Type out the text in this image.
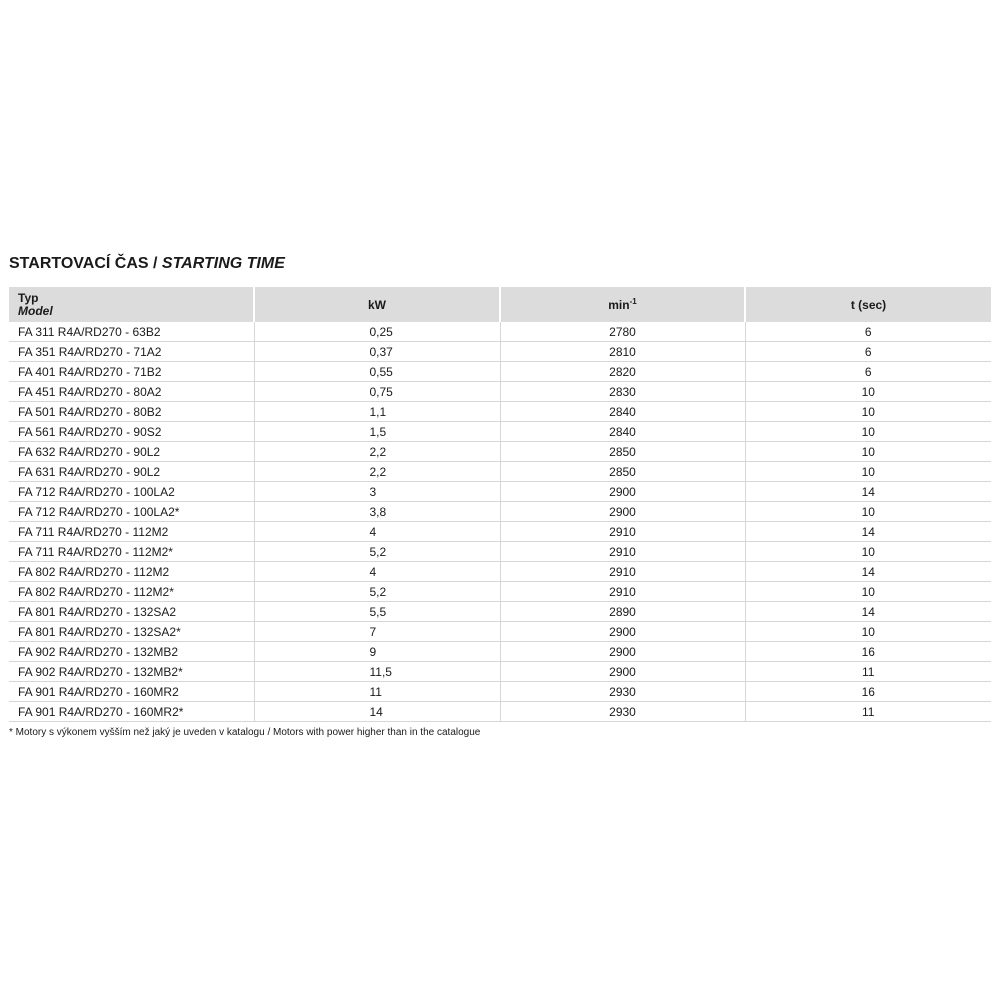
STARTOVACÍ ČAS / STARTING TIME
Typ
Model	kW	$\min^{-1}$	t (sec)
FA 311 R4A/RD270 - 63B2	0,25	2780	6
FA 351 R4A/RD270 - 71A2	0,37	2810	6
FA 401 R4A/RD270 - 71B2	0,55	2820	6
FA 451 R4A/RD270 - 80A2	0,75	2830	10
FA 501 R4A/RD270 - 80B2	1,1	2840	10
FA 561 R4A/RD270 - 90S2	1,5	2840	10
FA 632 R4A/RD270 - 90L2	2,2	2850	10
FA 631 R4A/RD270 - 90L2	2,2	2850	10
FA 712 R4A/RD270 - 100LA2	3	2900	14
FA 712 R4A/RD270 - 100LA2*	3,8	2900	10
FA 711 R4A/RD270 - 112M2	4	2910	14
FA 711 R4A/RD270 - 112M2*	5,2	2910	10
FA 802 R4A/RD270 - 112M2	4	2910	14
FA 802 R4A/RD270 - 112M2*	5,2	2910	10
FA 801 R4A/RD270 - 132SA2	5,5	2890	14
FA 801 R4A/RD270 - 132SA2*	7	2900	10
FA 902 R4A/RD270 - 132MB2	9	2900	16
FA 902 R4A/RD270 - 132MB2*	11,5	2900	11
FA 901 R4A/RD270 - 160MR2	11	2930	16
FA 901 R4A/RD270 - 160MR2*	14	2930	11
* Motory s výkonem vyšším než jaký je uveden v katalogu / Motors with power higher than in the catalogue
